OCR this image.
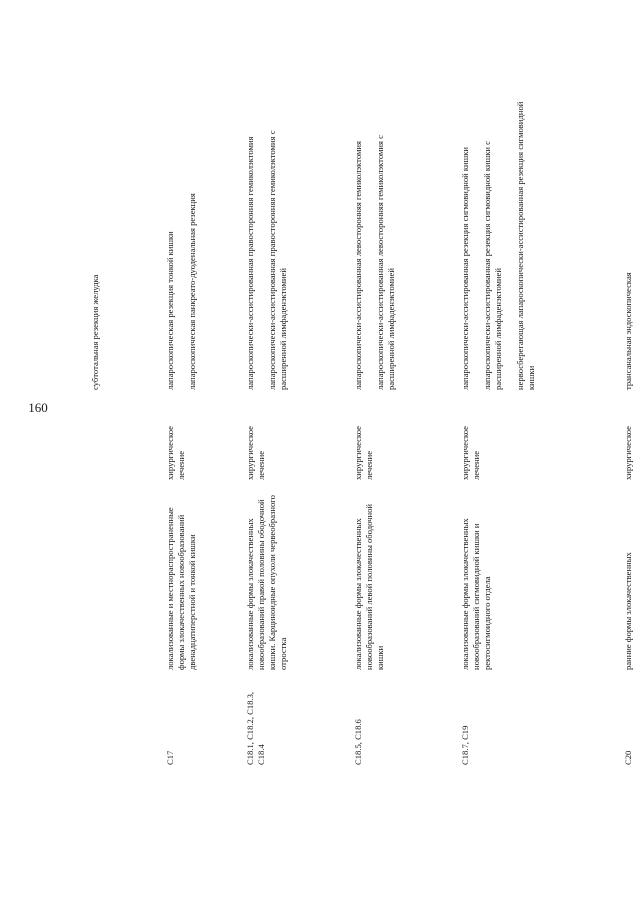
160

субтотальная резекция желудка

C17
локализованные и местнораспространенные формы злокачественных новообразований двенадцатиперстной и тонкой кишки
хирургическое лечение

лапароскопическая резекция тонкой кишки лапароскопическая панкреато-дуоденальная резекция

C18.1, C18.2, C18.3, C18.4
локализованные формы злокачественных новообразований правой половины ободочной кишки. Карциноидные опухоли червеобразного отростка
хирургическое лечение

лапароскопически-ассистированная правосторонняя гемиколэктомия лапароскопически-ассистированная правосторонняя гемиколэктомия с расширенной лимфаденэктомией

C18.5, C18.6
локализованные формы злокачественных новообразований левой половины ободочной кишки
хирургическое лечение

лапароскопически-ассистированная левосторонняя гемиколэктомия лапароскопически-ассистированная левосторонняя гемиколэктомия с расширенной лимфаденэктомией

C18.7, C19
локализованные формы злокачественных новообразований сигмовидной кишки и ректосигмоидного отдела
хирургическое лечение

лапароскопически-ассистированная резекция сигмовидной кишки лапароскопически-ассистированная резекция сигмовидной кишки с расширенной лимфаденэктомией нервосберегающая лапароскопически-ассистированная резекция сигмовидной кишки

C20
ранние формы злокачественных
хирургическое

трансанальная эндоскопическая
